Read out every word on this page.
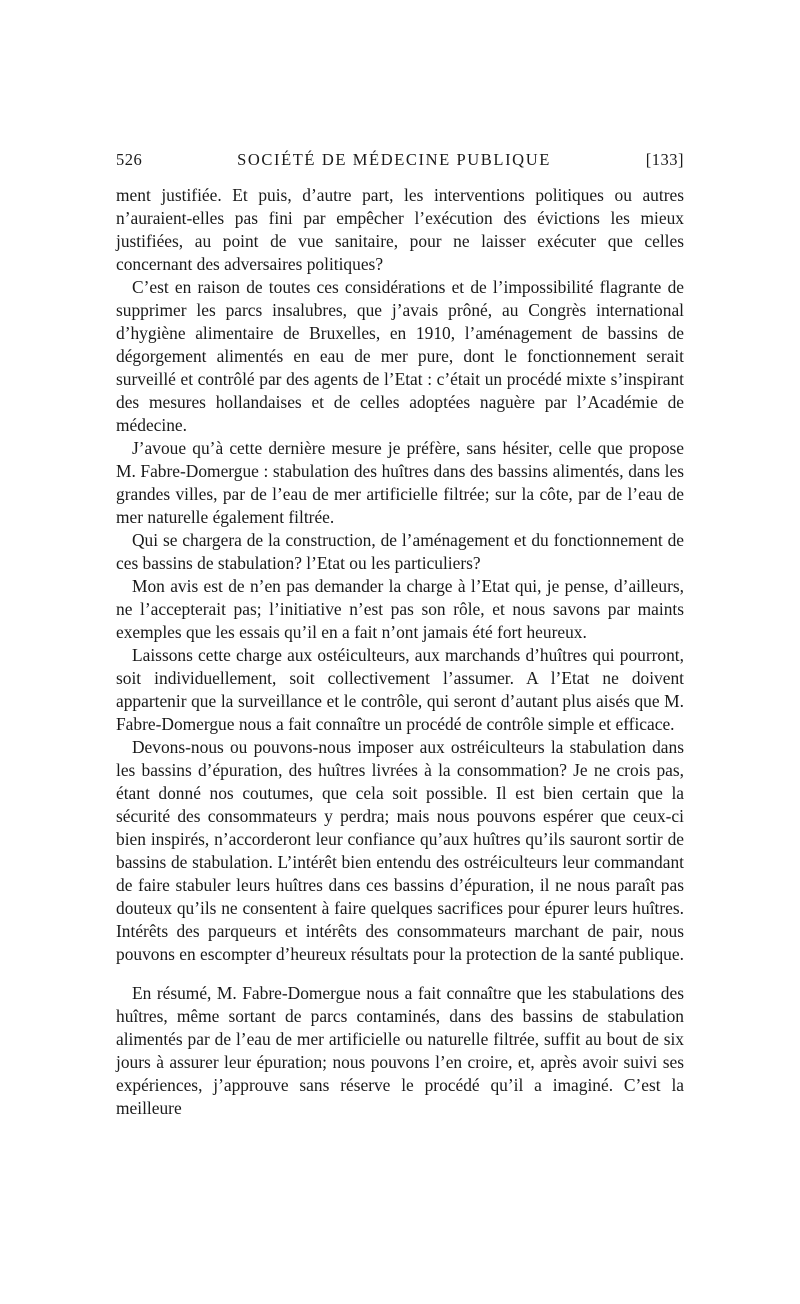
526	SOCIÉTÉ DE MÉDECINE PUBLIQUE	[133]

ment justifiée. Et puis, d’autre part, les interventions politiques ou autres n’auraient-elles pas fini par empêcher l’exécution des évictions les mieux justifiées, au point de vue sanitaire, pour ne laisser exécuter que celles concernant des adversaires politiques?

C’est en raison de toutes ces considérations et de l’impossibilité flagrante de supprimer les parcs insalubres, que j’avais prôné, au Congrès international d’hygiène alimentaire de Bruxelles, en 1910, l’aménagement de bassins de dégorgement alimentés en eau de mer pure, dont le fonctionnement serait surveillé et contrôlé par des agents de l’Etat : c’était un procédé mixte s’inspirant des mesures hollandaises et de celles adoptées naguère par l’Académie de médecine.

J’avoue qu’à cette dernière mesure je préfère, sans hésiter, celle que propose M. Fabre-Domergue : stabulation des huîtres dans des bassins alimentés, dans les grandes villes, par de l’eau de mer artificielle filtrée; sur la côte, par de l’eau de mer naturelle également filtrée.

Qui se chargera de la construction, de l’aménagement et du fonctionnement de ces bassins de stabulation? l’Etat ou les particuliers?

Mon avis est de n’en pas demander la charge à l’Etat qui, je pense, d’ailleurs, ne l’accepterait pas; l’initiative n’est pas son rôle, et nous savons par maints exemples que les essais qu’il en a fait n’ont jamais été fort heureux.

Laissons cette charge aux ostéiculteurs, aux marchands d’huîtres qui pourront, soit individuellement, soit collectivement l’assumer. A l’Etat ne doivent appartenir que la surveillance et le contrôle, qui seront d’autant plus aisés que M. Fabre-Domergue nous a fait connaître un procédé de contrôle simple et efficace.

Devons-nous ou pouvons-nous imposer aux ostréiculteurs la stabulation dans les bassins d’épuration, des huîtres livrées à la consommation? Je ne crois pas, étant donné nos coutumes, que cela soit possible. Il est bien certain que la sécurité des consommateurs y perdra; mais nous pouvons espérer que ceux-ci bien inspirés, n’accorderont leur confiance qu’aux huîtres qu’ils sauront sortir de bassins de stabulation. L’intérêt bien entendu des ostréiculteurs leur commandant de faire stabuler leurs huîtres dans ces bassins d’épuration, il ne nous paraît pas douteux qu’ils ne consentent à faire quelques sacrifices pour épurer leurs huîtres. Intérêts des parqueurs et intérêts des consommateurs marchant de pair, nous pouvons en escompter d’heureux résultats pour la protection de la santé publique.

En résumé, M. Fabre-Domergue nous a fait connaître que les stabulations des huîtres, même sortant de parcs contaminés, dans des bassins de stabulation alimentés par de l’eau de mer artificielle ou naturelle filtrée, suffit au bout de six jours à assurer leur épuration; nous pouvons l’en croire, et, après avoir suivi ses expériences, j’approuve sans réserve le procédé qu’il a imaginé. C’est la meilleure
